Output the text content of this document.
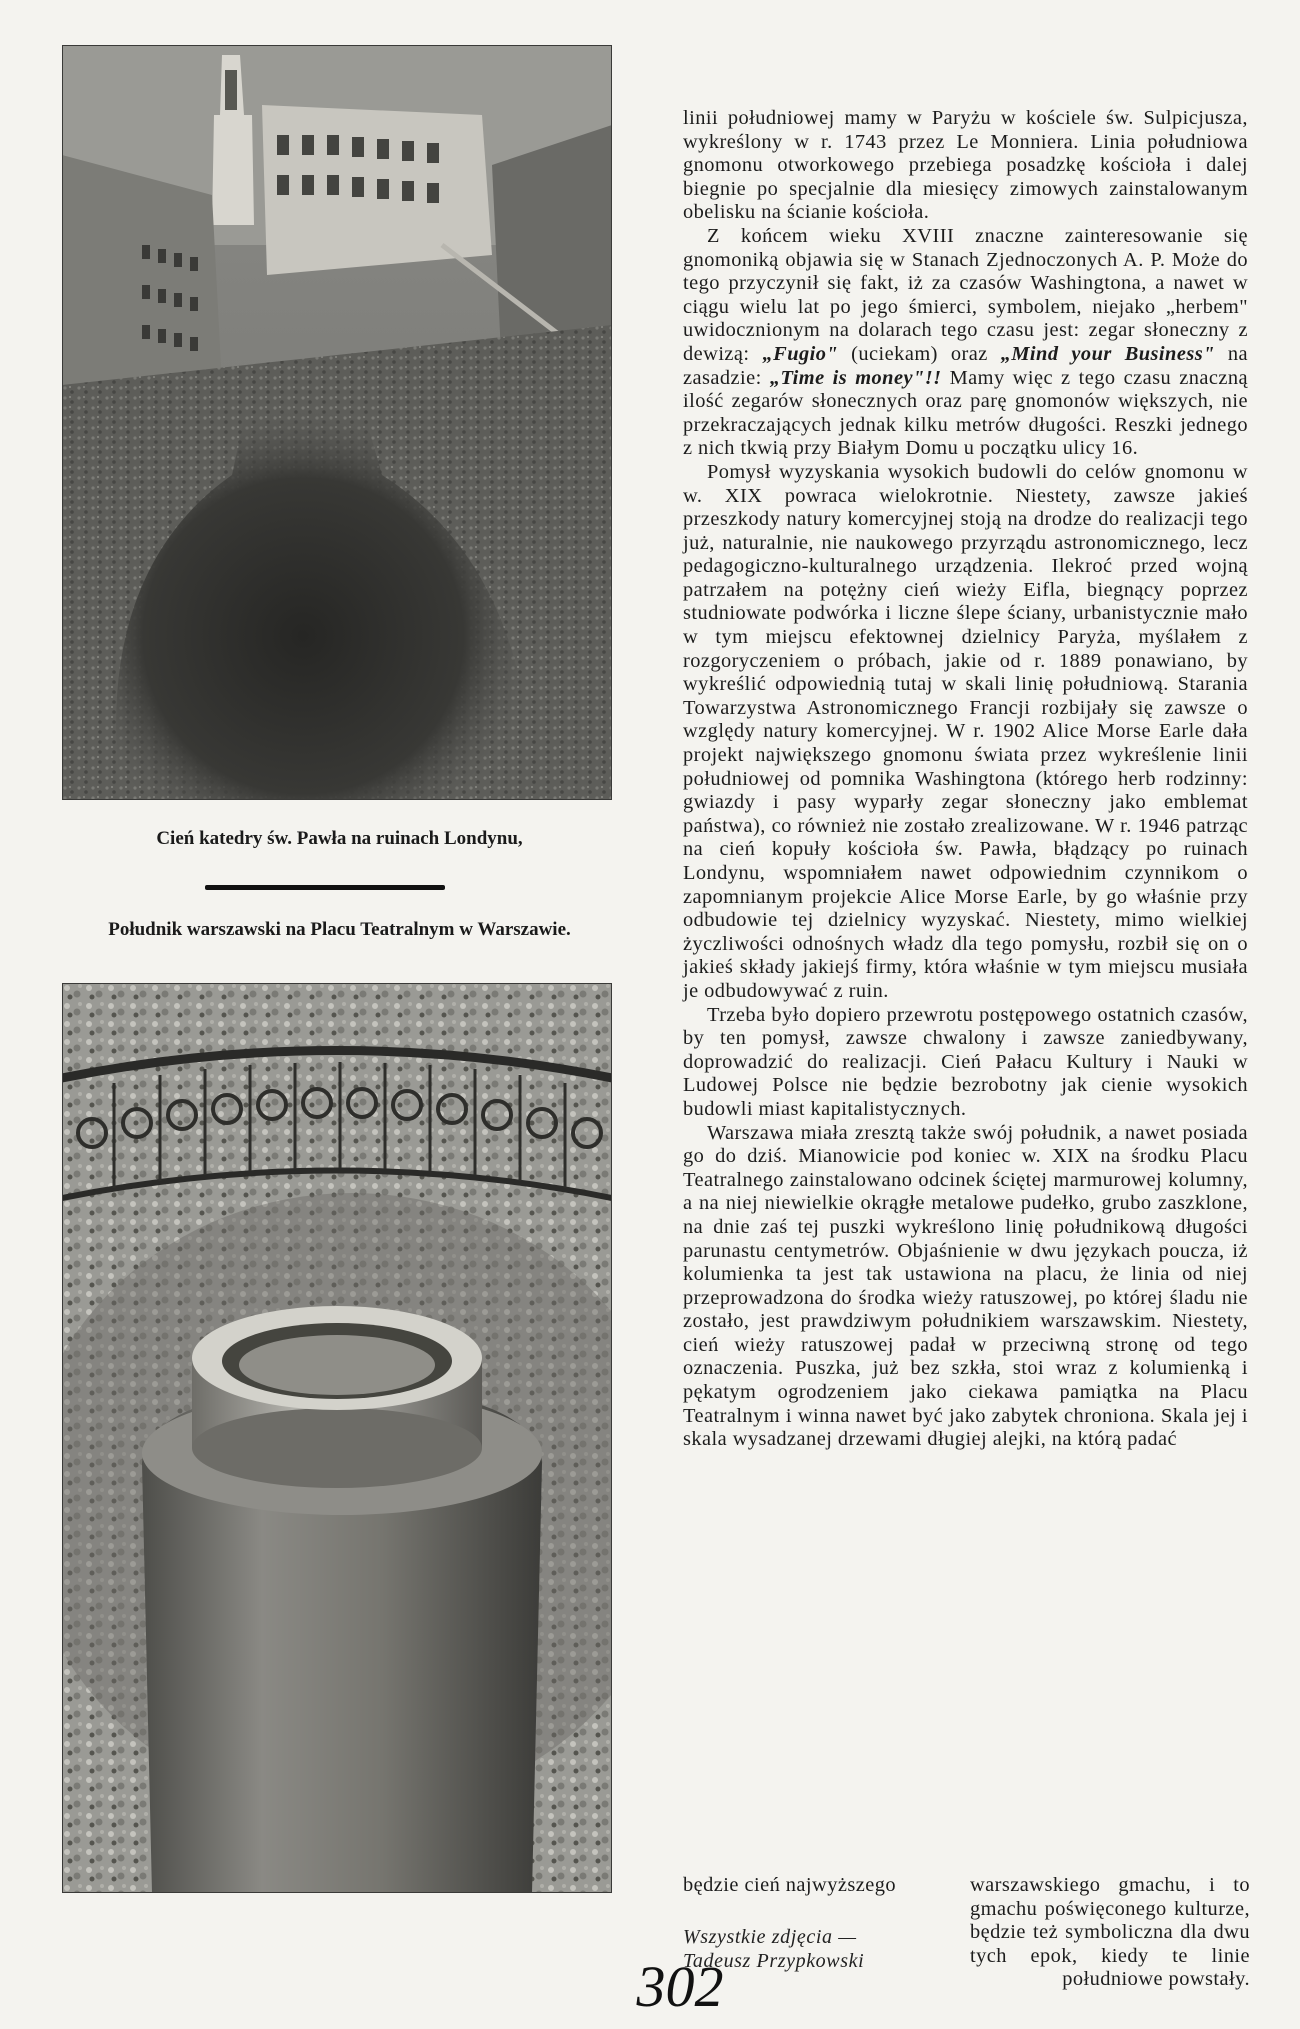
Cień katedry św. Pawła na ruinach Londynu,
Południk warszawski na Placu Teatralnym w Warszawie.

linii południowej mamy w Paryżu w kościele św. Sulpicjusza, wykreślony w r. 1743 przez Le Monniera. Linia południowa gnomonu otworkowego przebiega posadzkę kościoła i dalej biegnie po specjalnie dla miesięcy zimowych zainstalowanym obelisku na ścianie kościoła.

Z końcem wieku XVIII znaczne zainteresowanie się gnomoniką objawia się w Stanach Zjednoczonych A. P. Może do tego przyczynił się fakt, iż za czasów Washingtona, a nawet w ciągu wielu lat po jego śmierci, symbolem, niejako „herbem" uwidocznionym na dolarach tego czasu jest: zegar słoneczny z dewizą: „Fugio" (uciekam) oraz „Mind your Business" na zasadzie: „Time is money"!! Mamy więc z tego czasu znaczną ilość zegarów słonecznych oraz parę gnomonów większych, nie przekraczających jednak kilku metrów długości. Reszki jednego z nich tkwią przy Białym Domu u początku ulicy 16.

Pomysł wyzyskania wysokich budowli do celów gnomonu w w. XIX powraca wielokrotnie. Niestety, zawsze jakieś przeszkody natury komercyjnej stoją na drodze do realizacji tego już, naturalnie, nie naukowego przyrządu astronomicznego, lecz pedagogiczno-kulturalnego urządzenia. Ilekroć przed wojną patrzałem na potężny cień wieży Eifla, biegnący poprzez studniowate podwórka i liczne ślepe ściany, urbanistycznie mało w tym miejscu efektownej dzielnicy Paryża, myślałem z rozgoryczeniem o próbach, jakie od r. 1889 ponawiano, by wykreślić odpowiednią tutaj w skali linię południową. Starania Towarzystwa Astronomicznego Francji rozbijały się zawsze o względy natury komercyjnej. W r. 1902 Alice Morse Earle dała projekt największego gnomonu świata przez wykreślenie linii południowej od pomnika Washingtona (którego herb rodzinny: gwiazdy i pasy wyparły zegar słoneczny jako emblemat państwa), co również nie zostało zrealizowane. W r. 1946 patrząc na cień kopuły kościoła św. Pawła, błądzący po ruinach Londynu, wspomniałem nawet odpowiednim czynnikom o zapomnianym projekcie Alice Morse Earle, by go właśnie przy odbudowie tej dzielnicy wyzyskać. Niestety, mimo wielkiej życzliwości odnośnych władz dla tego pomysłu, rozbił się on o jakieś składy jakiejś firmy, która właśnie w tym miejscu musiała je odbudowywać z ruin.

Trzeba było dopiero przewrotu postępowego ostatnich czasów, by ten pomysł, zawsze chwalony i zawsze zaniedbywany, doprowadzić do realizacji. Cień Pałacu Kultury i Nauki w Ludowej Polsce nie będzie bezrobotny jak cienie wysokich budowli miast kapitalistycznych.

Warszawa miała zresztą także swój południk, a nawet posiada go do dziś. Mianowicie pod koniec w. XIX na środku Placu Teatralnego zainstalowano odcinek ściętej marmurowej kolumny, a na niej niewielkie okrągłe metalowe pudełko, grubo zaszklone, na dnie zaś tej puszki wykreślono linię południkową długości parunastu centymetrów. Objaśnienie w dwu językach poucza, iż kolumienka ta jest tak ustawiona na placu, że linia od niej przeprowadzona do środka wieży ratuszowej, po której śladu nie zostało, jest prawdziwym południkiem warszawskim. Niestety, cień wieży ratuszowej padał w przeciwną stronę od tego oznaczenia. Puszka, już bez szkła, stoi wraz z kolumienką i pękatym ogrodzeniem jako ciekawa pamiątka na Placu Teatralnym i winna nawet być jako zabytek chroniona. Skala jej i skala wysadzanej drzewami długiej alejki, na którą padać

będzie cień najwyższego	warszawskiego gmachu, i to gmachu poświęconego kulturze, będzie też symboliczna dla dwu tych epok, kiedy te linie południowe powstały.
Wszystkie zdjęcia —
Tadeusz Przypkowski
302
